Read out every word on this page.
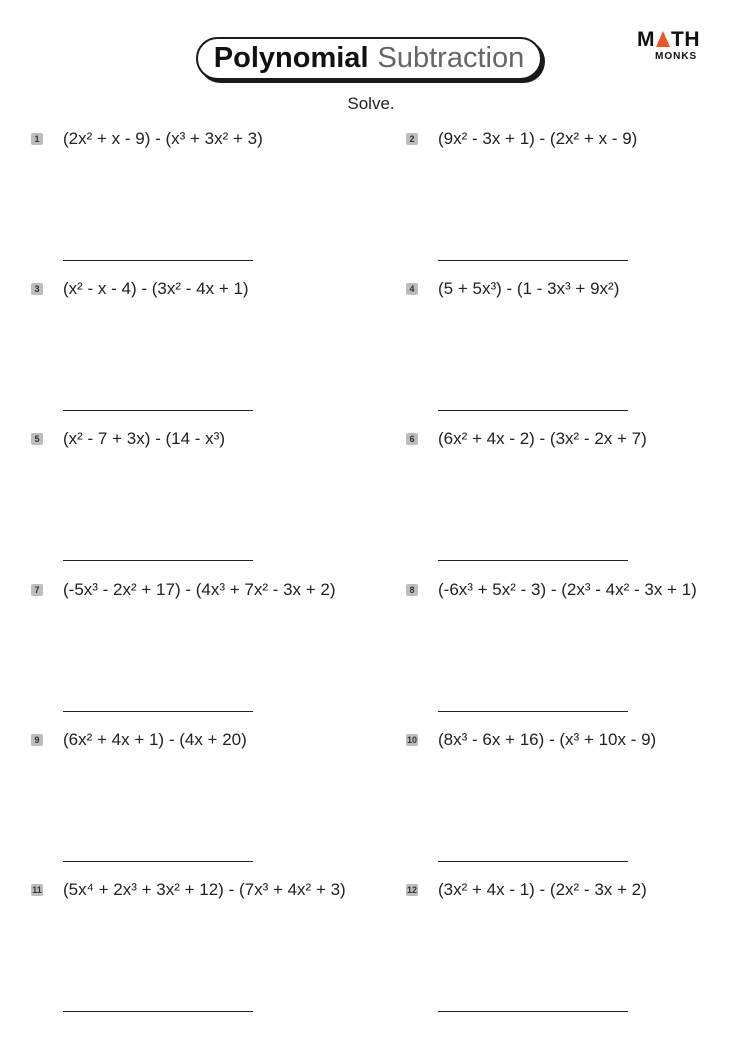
Polynomial Subtraction
M TH
MONKS
Solve.
1 (2x² + x - 9) - (x³ + 3x² + 3)	2 (9x² - 3x + 1) - (2x² + x - 9)
3 (x² - x - 4) - (3x² - 4x + 1)	4 (5 + 5x³) - (1 - 3x³ + 9x²)
5 (x² - 7 + 3x) - (14 - x³)	6 (6x² + 4x - 2) - (3x² - 2x + 7)
7 (-5x³ - 2x² + 17) - (4x³ + 7x² - 3x + 2)	8 (-6x³ + 5x² - 3) - (2x³ - 4x² - 3x + 1)
9 (6x² + 4x + 1) - (4x + 20)	10 (8x³ - 6x + 16) - (x³ + 10x - 9)
11 (5x⁴ + 2x³ + 3x² + 12) - (7x³ + 4x² + 3)	12 (3x² + 4x - 1) - (2x² - 3x + 2)
